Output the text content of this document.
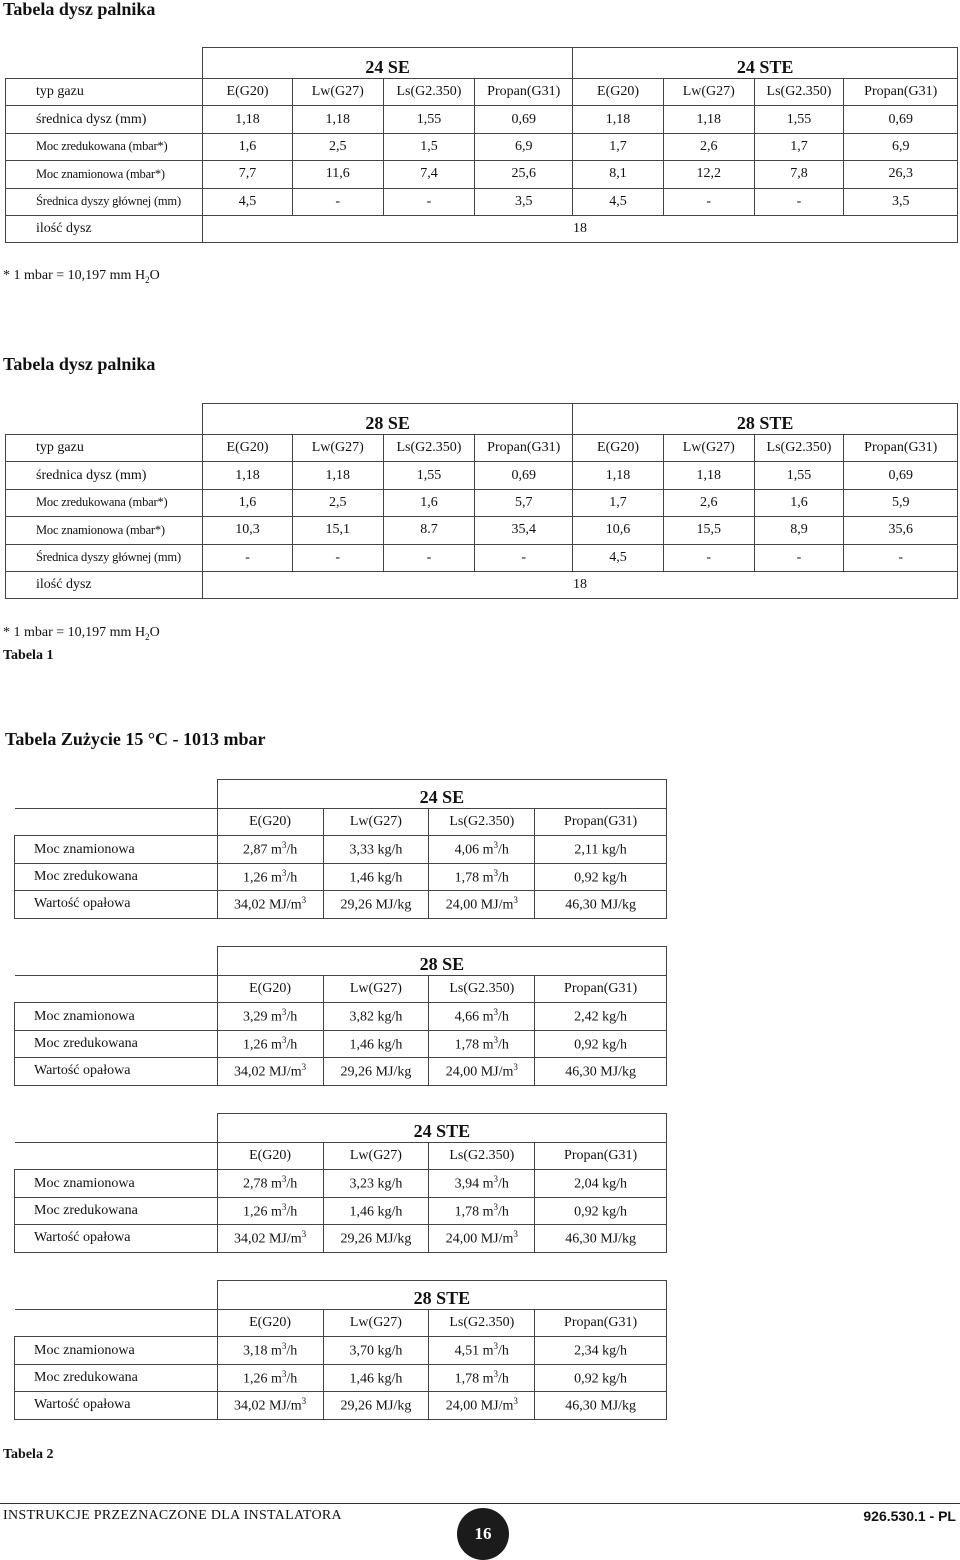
Tabela dysz palnika
	24 SE				24 STE			
typ gazu	E(G20)	Lw(G27)	Ls(G2.350)	Propan(G31)	E(G20)	Lw(G27)	Ls(G2.350)	Propan(G31)
średnica dysz (mm)	1,18	1,18	1,55	0,69	1,18	1,18	1,55	0,69
Moc zredukowana (mbar*)	1,6	2,5	1,5	6,9	1,7	2,6	1,7	6,9
Moc znamionowa (mbar*)	7,7	11,6	7,4	25,6	8,1	12,2	7,8	26,3
Średnica dyszy głównej (mm)	4,5	-	-	3,5	4,5	-	-	3,5
ilość dysz	18							
* 1 mbar = 10,197 mm $H_2O$
Tabela dysz palnika
	28 SE				28 STE			
typ gazu	E(G20)	Lw(G27)	Ls(G2.350)	Propan(G31)	E(G20)	Lw(G27)	Ls(G2.350)	Propan(G31)
średnica dysz (mm)	1,18	1,18	1,55	0,69	1,18	1,18	1,55	0,69
Moc zredukowana (mbar*)	1,6	2,5	1,6	5,7	1,7	2,6	1,6	5,9
Moc znamionowa (mbar*)	10,3	15,1	8.7	35,4	10,6	15,5	8,9	35,6
Średnica dyszy głównej (mm)	-	-	-	-	4,5	-	-	-
ilość dysz	18							
* 1 mbar = 10,197 mm $H_2O$
Tabela 1
Tabela Zużycie 15 °C - 1013 mbar
	24 SE			
	E(G20)	Lw(G27)	Ls(G2.350)	Propan(G31)
Moc znamionowa	2,87 $m^3/h$	3,33 kg/h	4,06 $m^3/h$	2,11 kg/h
Moc zredukowana	1,26 $m^3/h$	1,46 kg/h	1,78 $m^3/h$	0,92 kg/h
Wartość opałowa	34,02 $MJ/m^3$	29,26 MJ/kg	24,00 $MJ/m^3$	46,30 MJ/kg
	28 SE			
	E(G20)	Lw(G27)	Ls(G2.350)	Propan(G31)
Moc znamionowa	3,29 $m^3/h$	3,82 kg/h	4,66 $m^3/h$	2,42 kg/h
Moc zredukowana	1,26 $m^3/h$	1,46 kg/h	1,78 $m^3/h$	0,92 kg/h
Wartość opałowa	34,02 $MJ/m^3$	29,26 MJ/kg	24,00 $MJ/m^3$	46,30 MJ/kg
	24 STE			
	E(G20)	Lw(G27)	Ls(G2.350)	Propan(G31)
Moc znamionowa	2,78 $m^3/h$	3,23 kg/h	3,94 $m^3/h$	2,04 kg/h
Moc zredukowana	1,26 $m^3/h$	1,46 kg/h	1,78 $m^3/h$	0,92 kg/h
Wartość opałowa	34,02 $MJ/m^3$	29,26 MJ/kg	24,00 $MJ/m^3$	46,30 MJ/kg
	28 STE			
	E(G20)	Lw(G27)	Ls(G2.350)	Propan(G31)
Moc znamionowa	3,18 $m^3/h$	3,70 kg/h	4,51 $m^3/h$	2,34 kg/h
Moc zredukowana	1,26 $m^3/h$	1,46 kg/h	1,78 $m^3/h$	0,92 kg/h
Wartość opałowa	34,02 $MJ/m^3$	29,26 MJ/kg	24,00 $MJ/m^3$	46,30 MJ/kg
Tabela 2
INSTRUKCJE PRZEZNACZONE DLA INSTALATORA
16
926.530.1 - PL
